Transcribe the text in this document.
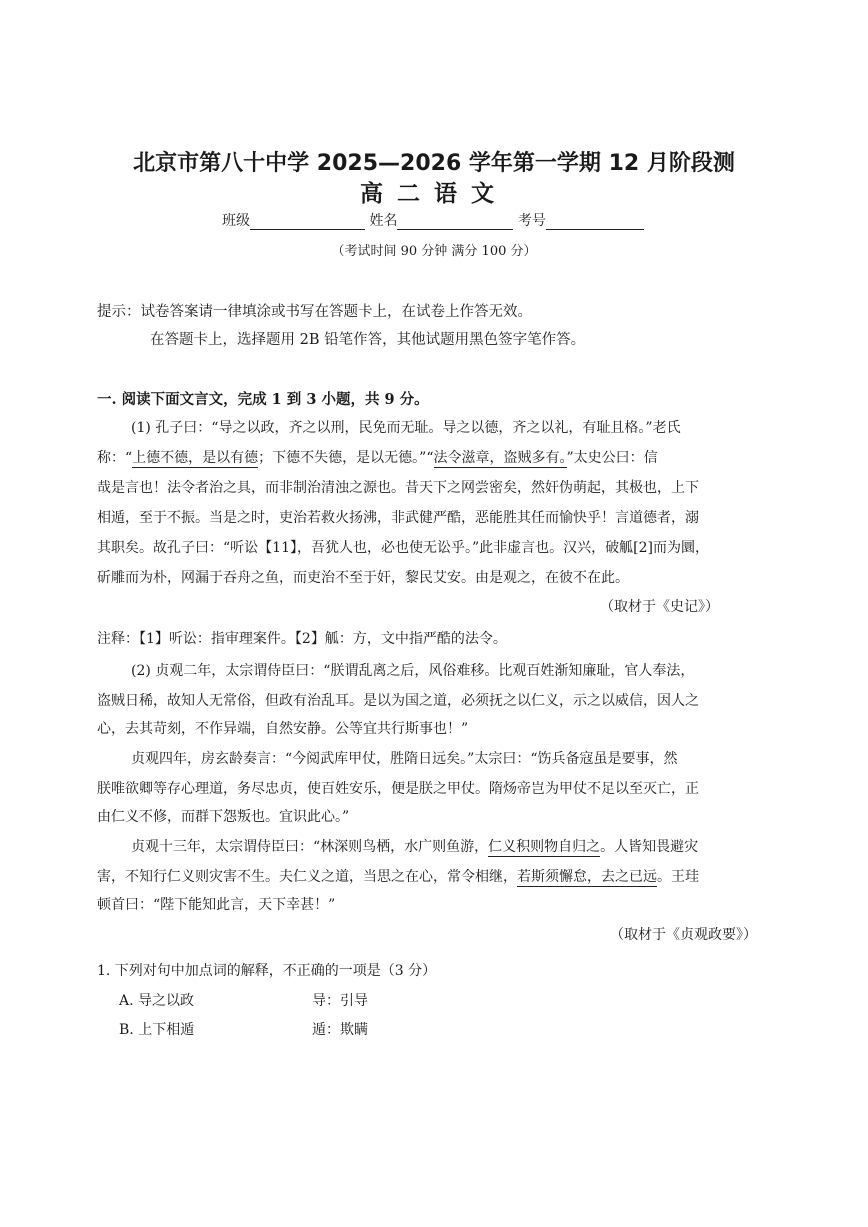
北京市第八十中学 2025—2026 学年第一学期 12 月阶段测
高二语文
班级	姓名	考号
（考试时间 90 分钟 满分 100 分）
提示：试卷答案请一律填涂或书写在答题卡上，在试卷上作答无效。
在答题卡上，选择题用 2B 铅笔作答，其他试题用黑色签字笔作答。
一. 阅读下面文言文，完成 1 到 3 小题，共 9 分。
(1) 孔子曰：“导之以政，齐之以刑，民免而无耻。导之以德，齐之以礼，有耻且格。”老氏
称：“上德不德，是以有德；下德不失德，是以无德。”“法令滋章，盗贼多有。”太史公曰：信
哉是言也！法令者治之具，而非制治清浊之源也。昔天下之网尝密矣，然奸伪萌起，其极也，上下
相遁，至于不振。当是之时，吏治若救火扬沸，非武健严酷，恶能胜其任而愉快乎！言道德者，溺
其职矣。故孔子曰：“听讼【11】，吾犹人也，必也使无讼乎。”此非虚言也。汉兴，破觚[2]而为圜，
斫雕而为朴，网漏于吞舟之鱼，而吏治不至于奸，黎民艾安。由是观之，在彼不在此。
（取材于《史记》）
注释：【1】听讼：指审理案件。【2】觚：方，文中指严酷的法令。
(2) 贞观二年，太宗谓侍臣曰：“朕谓乱离之后，风俗难移。比观百姓渐知廉耻，官人奉法，
盗贼日稀，故知人无常俗，但政有治乱耳。是以为国之道，必须抚之以仁义，示之以威信，因人之
心，去其苛刻，不作异端，自然安静。公等宜共行斯事也！”
贞观四年，房玄龄奏言：“今阅武库甲仗，胜隋日远矣。”太宗曰：“饬兵备寇虽是要事，然
朕唯欲卿等存心理道，务尽忠贞，使百姓安乐，便是朕之甲仗。隋炀帝岂为甲仗不足以至灭亡，正
由仁义不修，而群下怨叛也。宜识此心。”
贞观十三年，太宗谓侍臣曰：“林深则鸟栖，水广则鱼游，仁义积则物自归之。人皆知畏避灾
害，不知行仁义则灾害不生。夫仁义之道，当思之在心，常令相继，若斯须懈怠，去之已远。王珪
顿首曰：“陛下能知此言，天下幸甚！”
（取材于《贞观政要》）
1. 下列对句中加点词的解释，不正确的一项是（3 分）
A. 导之以政	导：引导
B. 上下相遁	遁：欺瞒
